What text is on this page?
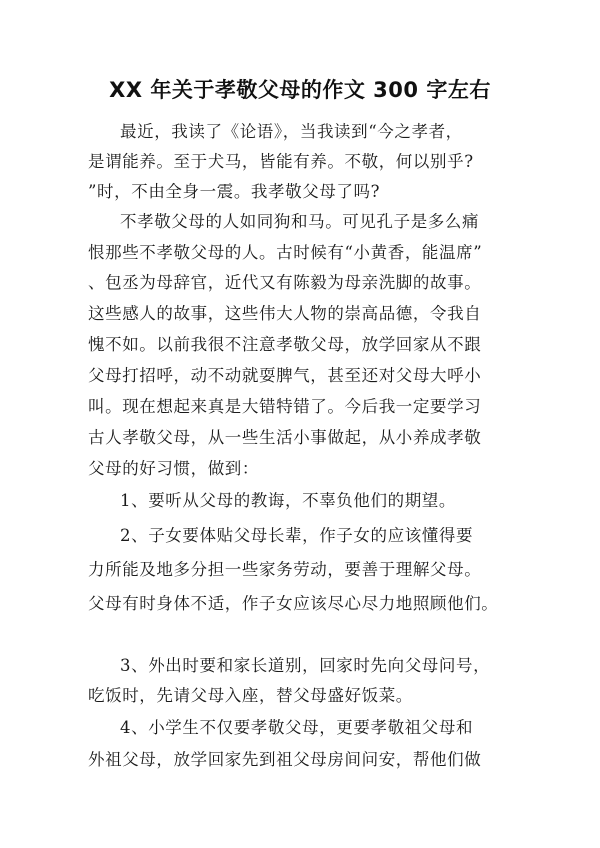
XX 年关于孝敬父母的作文 300 字左右
最近，我读了《论语》，当我读到“今之孝者，
是谓能养。至于犬马，皆能有养。不敬，何以别乎?
”时，不由全身一震。我孝敬父母了吗?
不孝敬父母的人如同狗和马。可见孔子是多么痛
恨那些不孝敬父母的人。古时候有“小黄香，能温席”
、包丞为母辞官，近代又有陈毅为母亲洗脚的故事。
这些感人的故事，这些伟大人物的崇高品德，令我自
愧不如。以前我很不注意孝敬父母，放学回家从不跟
父母打招呼，动不动就耍脾气，甚至还对父母大呼小
叫。现在想起来真是大错特错了。今后我一定要学习
古人孝敬父母，从一些生活小事做起，从小养成孝敬
父母的好习惯，做到：
1、要听从父母的教诲，不辜负他们的期望。
2、子女要体贴父母长辈，作子女的应该懂得要
力所能及地多分担一些家务劳动，要善于理解父母。
父母有时身体不适，作子女应该尽心尽力地照顾他们。
3、外出时要和家长道别，回家时先向父母问号，
吃饭时，先请父母入座，替父母盛好饭菜。
4、小学生不仅要孝敬父母，更要孝敬祖父母和
外祖父母，放学回家先到祖父母房间问安，帮他们做
